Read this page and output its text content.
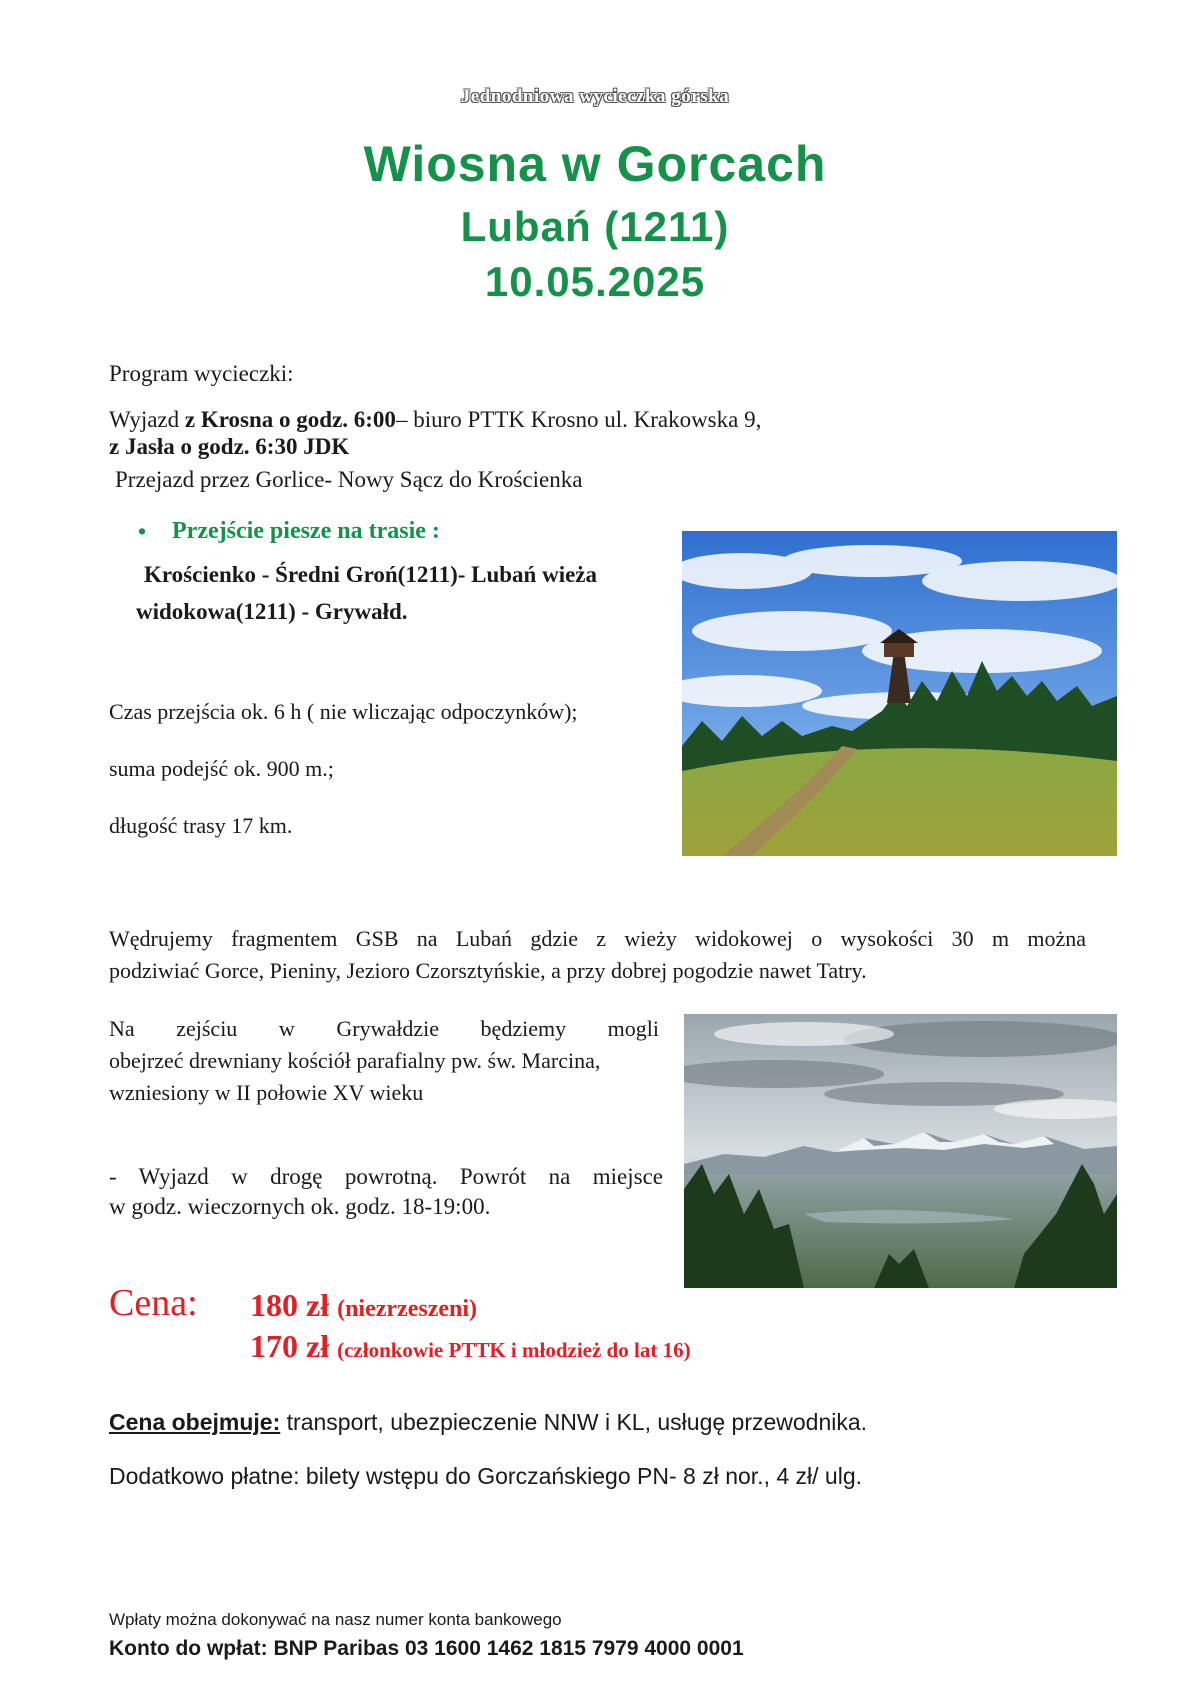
Jednodniowa wycieczka górska
Wiosna w Gorcach
Lubań (1211)
10.05.2025
Program wycieczki:
Wyjazd z Krosna o godz. 6:00– biuro PTTK Krosno ul. Krakowska 9,
z Jasła o godz. 6:30 JDK
Przejazd przez Gorlice- Nowy Sącz do Krościenka
• Przejście piesze na trasie :
Krościenko - Średni Groń(1211)- Lubań wieża
widokowa(1211) - Grywałd.
Czas przejścia ok. 6 h ( nie wliczając odpoczynków);
suma podejść ok. 900 m.;
długość trasy 17 km.
Wędrujemy fragmentem GSB na Lubań gdzie z wieży widokowej o wysokości 30 m można
podziwiać Gorce, Pieniny, Jezioro Czorsztyńskie, a przy dobrej pogodzie nawet Tatry.
Na zejściu w Grywałdzie będziemy mogli
obejrzeć drewniany kościół parafialny pw. św. Marcina,
wzniesiony w II połowie XV wieku
- Wyjazd w drogę powrotną. Powrót na miejsce
w godz. wieczornych ok. godz. 18-19:00.
Cena: 180 zł (niezrzeszeni)
170 zł (członkowie PTTK i młodzież do lat 16)
Cena obejmuje: transport, ubezpieczenie NNW i KL, usługę przewodnika.
Dodatkowo płatne: bilety wstępu do Gorczańskiego PN- 8 zł nor., 4 zł/ ulg.
Wpłaty można dokonywać na nasz numer konta bankowego
Konto do wpłat: BNP Paribas 03 1600 1462 1815 7979 4000 0001
